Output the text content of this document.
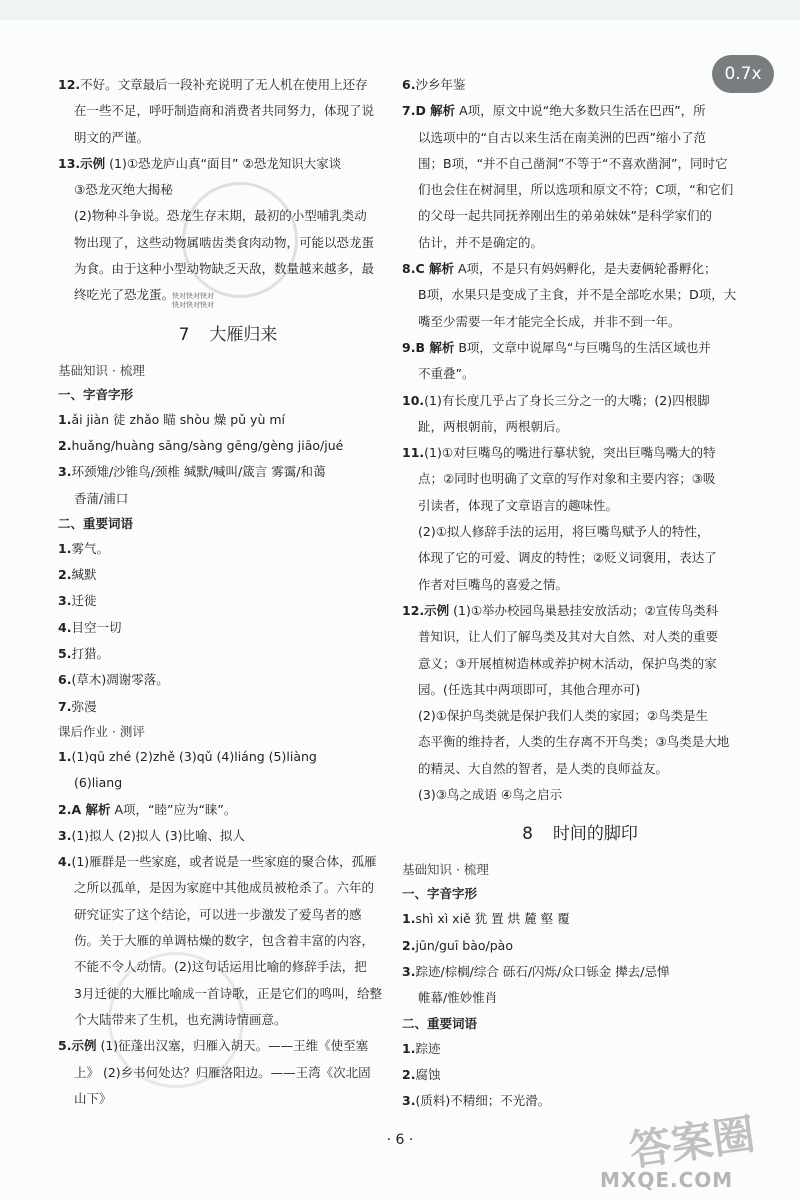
0.7x
12.不好。文章最后一段补充说明了无人机在使用上还存
在一些不足，呼吁制造商和消费者共同努力，体现了说
明文的严谨。
13.示例 (1)①恐龙庐山真“面目” ②恐龙知识大家谈
③恐龙灭绝大揭秘
(2)物种斗争说。恐龙生存末期，最初的小型哺乳类动
物出现了，这些动物属啮齿类食肉动物，可能以恐龙蛋
为食。由于这种小型动物缺乏天敌，数量越来越多，最
终吃光了恐龙蛋。
7 大雁归来
基础知识 · 梳理
一、字音字形
1.ǎi jiàn 徒 zhǎo 瞄 shòu 燥 pǔ yù mí
2.huǎng/huàng sāng/sàng gēng/gèng jiāo/jué
3.环颈雉/沙锥鸟/颈椎 缄默/喊叫/箴言 雾霭/和蔼
香蒲/浦口
二、重要词语
1.雾气。
2.缄默
3.迁徙
4.目空一切
5.打猎。
6.(草木)凋谢零落。
7.弥漫
课后作业 · 测评
1.(1)qū zhé (2)zhě (3)qǔ (4)liáng (5)liàng
(6)liang
2.A 解析 A项，“睦”应为“睐”。
3.(1)拟人 (2)拟人 (3)比喻、拟人
4.(1)雁群是一些家庭，或者说是一些家庭的聚合体，孤雁
之所以孤单，是因为家庭中其他成员被枪杀了。六年的
研究证实了这个结论，可以进一步激发了爱鸟者的感
伤。关于大雁的单调枯燥的数字，包含着丰富的内容，
不能不令人动情。(2)这句话运用比喻的修辞手法，把
3月迁徙的大雁比喻成一首诗歌，正是它们的鸣叫，给整
个大陆带来了生机，也充满诗情画意。
5.示例 (1)征蓬出汉塞，归雁入胡天。——王维《使至塞
上》 (2)乡书何处达？归雁洛阳边。——王湾《次北固
山下》
快对快对快对
快对快对快对
6.沙乡年鉴
7.D 解析 A项，原文中说“绝大多数只生活在巴西”，所
以选项中的“自古以来生活在南美洲的巴西”缩小了范
围；B项，“并不自己凿洞”不等于“不喜欢凿洞”，同时它
们也会住在树洞里，所以选项和原文不符；C项，“和它们
的父母一起共同抚养刚出生的弟弟妹妹”是科学家们的
估计，并不是确定的。
8.C 解析 A项，不是只有妈妈孵化，是夫妻俩轮番孵化；
B项，水果只是变成了主食，并不是全部吃水果；D项，大
嘴至少需要一年才能完全长成，并非不到一年。
9.B 解析 B项，文章中说犀鸟“与巨嘴鸟的生活区域也并
不重叠”。
10.(1)有长度几乎占了身长三分之一的大嘴；(2)四根脚
趾，两根朝前，两根朝后。
11.(1)①对巨嘴鸟的嘴进行摹状貌，突出巨嘴鸟嘴大的特
点；②同时也明确了文章的写作对象和主要内容；③吸
引读者，体现了文章语言的趣味性。
(2)①拟人修辞手法的运用，将巨嘴鸟赋予人的特性，
体现了它的可爱、调皮的特性；②贬义词褒用，表达了
作者对巨嘴鸟的喜爱之情。
12.示例 (1)①举办校园鸟巢悬挂安放活动；②宣传鸟类科
普知识，让人们了解鸟类及其对大自然、对人类的重要
意义；③开展植树造林或养护树木活动，保护鸟类的家
园。(任选其中两项即可，其他合理亦可)
(2)①保护鸟类就是保护我们人类的家园；②鸟类是生
态平衡的维持者，人类的生存离不开鸟类；③鸟类是大地
的精灵、大自然的智者，是人类的良师益友。
(3)③鸟之成语 ④鸟之启示
8 时间的脚印
基础知识 · 梳理
一、字音字形
1.shì xì xiě 犹 置 烘 麓 壑 覆
2.jūn/guī bào/pào
3.踪迹/棕榈/综合 砾石/闪烁/众口铄金 撵去/忌惮
帷幕/惟妙惟肖
二、重要词语
1.踪迹
2.腐蚀
3.(质料)不精细；不光滑。
· 6 ·	答案圈
MXQE.COM
